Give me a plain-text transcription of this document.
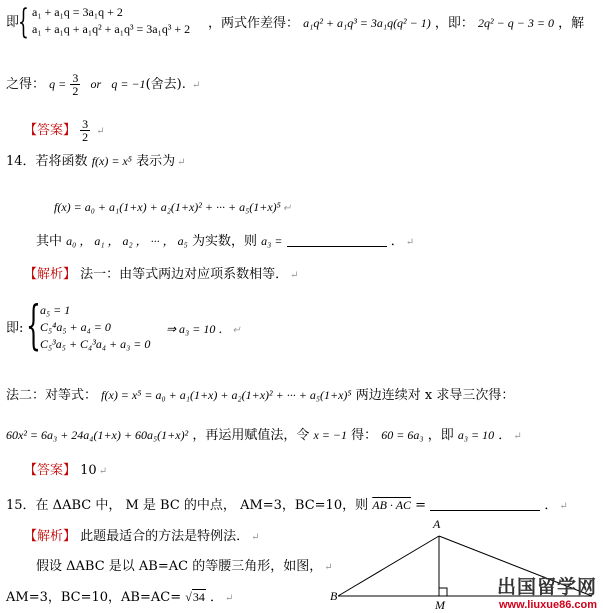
即
{ a₁ + a₁q = 3a₁q + 2
a₁ + a₁q + a₁q² + a₁q³ = 3a₁q³ + 2 ，两式作差得： a₁q² + a₁q³ = 3a₁q(q² − 1) ，即： 2q² − q − 3 = 0 ，解
之得： $q = \frac{3}{2}$ or q = −1(舍去). ↵
【答案】 $\frac{3}{2}$ ↵
14．若将函数 f(x) = x⁵ 表示为 ↵
f(x) = a₀ + a₁(1+x) + a₂(1+x)² + ··· + a₅(1+x)⁵ ↵
其中 a₀ ， a₁ ， a₂ ， ··· ， a₅ 为实数，则 a₃ =	． ↵
【解析】 法一：由等式两边对应项系数相等． ↵
即: { a₅ = 1
C₅⁴a₅ + a₄ = 0
C₅³a₅ + C₄³a₄ + a₃ = 0
⇒ a₃ = 10 ． ↵
法二：对等式： f(x) = x⁵ = a₀ + a₁(1+x) + a₂(1+x)² + ··· + a₅(1+x)⁵ 两边连续对 x 求导三次得：
60x² = 6a₃ + 24a₄(1+x) + 60a₅(1+x)² ，再运用赋值法，令 x = −1 得： 60 = 6a₃ ，即 a₃ = 10 ． ↵
【答案】 10 ↵
15．在 ΔABC 中， M 是 BC 的中点， AM=3，BC=10，则 AB · AC =	． ↵
【解析】 此题最适合的方法是特例法． ↵
假设 ΔABC 是以 AB=AC 的等腰三角形，如图， ↵
AM=3，BC=10，AB=AC= √34 ． ↵
A
B
M
出国留学网
www.liuxue86.com
